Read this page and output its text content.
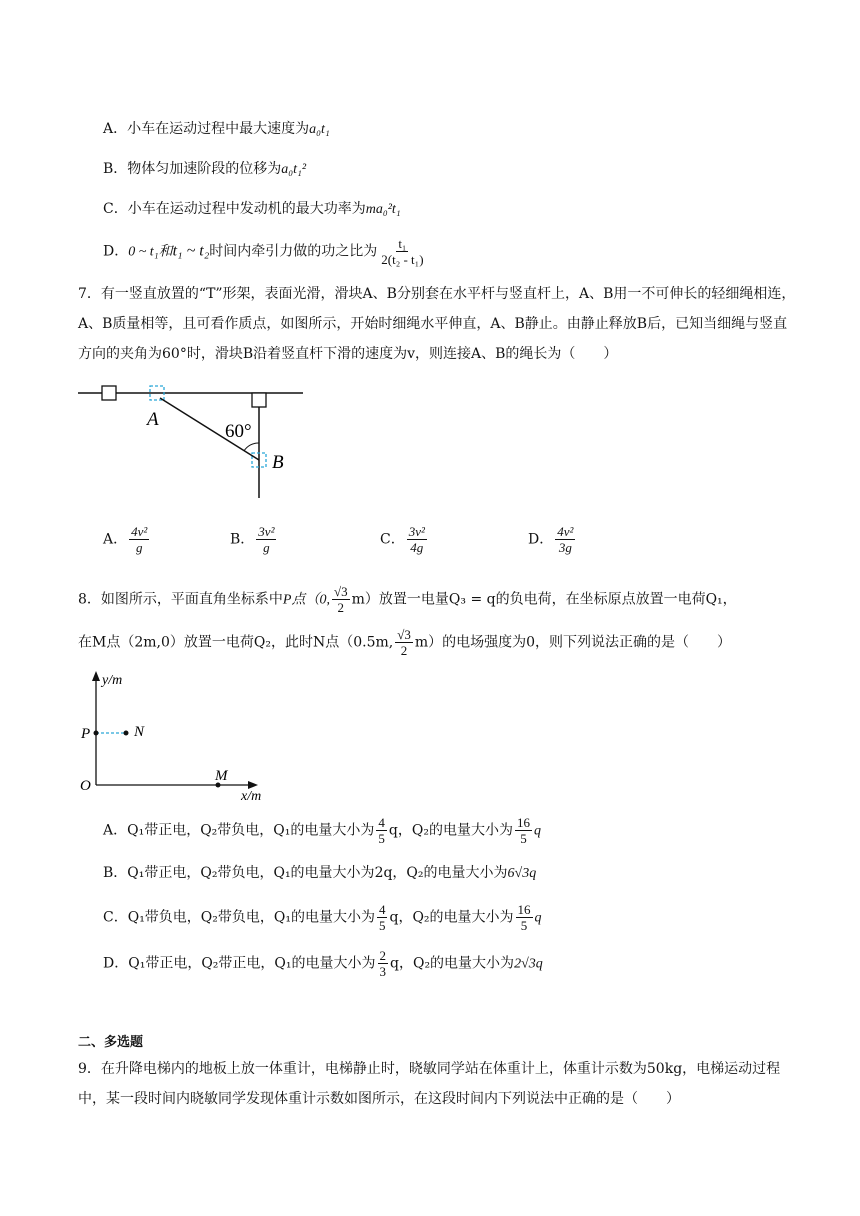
A．小车在运动过程中最大速度为a₀t₁
B．物体匀加速阶段的位移为a₀t₁²
C．小车在运动过程中发动机的最大功率为ma₀²t₁
D．0 ~ t₁和t₁ ~ t₂时间内牵引力做的功之比为 $\frac{\text{t₁}}{\text{2(t₂ - t₁)}}$
7．有一竖直放置的“T”形架，表面光滑，滑块A、B分别套在水平杆与竖直杆上，A、B用一不可伸长的轻细绳相连，A、B质量相等，且可看作质点，如图所示，开始时细绳水平伸直，A、B静止。由静止释放B后，已知当细绳与竖直方向的夹角为60°时，滑块B沿着竖直杆下滑的速度为v，则连接A、B的绳长为（　　）
A
B
60°
A． $\frac{\text{4v²}}{g}$	B． $\frac{\text{3v²}}{g}$	C． $\frac{\text{3v²}}{4g}$	D． $\frac{\text{4v²}}{3g}$
8．如图所示，平面直角坐标系中P点（0, $\frac{√3}{2} m$）放置一电量Q₃ = q的负电荷，在坐标原点放置一电荷Q₁，
在M点（2m,0）放置一电荷Q₂，此时N点（0.5m, $\frac{√3}{2} m$）的电场强度为0，则下列说法正确的是（　　）
y/m
x/m
O
P	N
M
A．Q₁带正电，Q₂带负电，Q₁的电量大小为 $\frac{4}{5}$ q，Q₂的电量大小为 $\frac{16}{5}$ q
B．Q₁带正电，Q₂带负电，Q₁的电量大小为2q，Q₂的电量大小为6√3q
C．Q₁带负电，Q₂带负电，Q₁的电量大小为 $\frac{4}{5}$ q，Q₂的电量大小为 $\frac{16}{5}$ q
D．Q₁带正电，Q₂带正电，Q₁的电量大小为 $\frac{2}{3}$ q，Q₂的电量大小为2√3q
二、多选题
9．在升降电梯内的地板上放一体重计，电梯静止时，晓敏同学站在体重计上，体重计示数为50kg，电梯运动过程中，某一段时间内晓敏同学发现体重计示数如图所示，在这段时间内下列说法中正确的是（　　）
